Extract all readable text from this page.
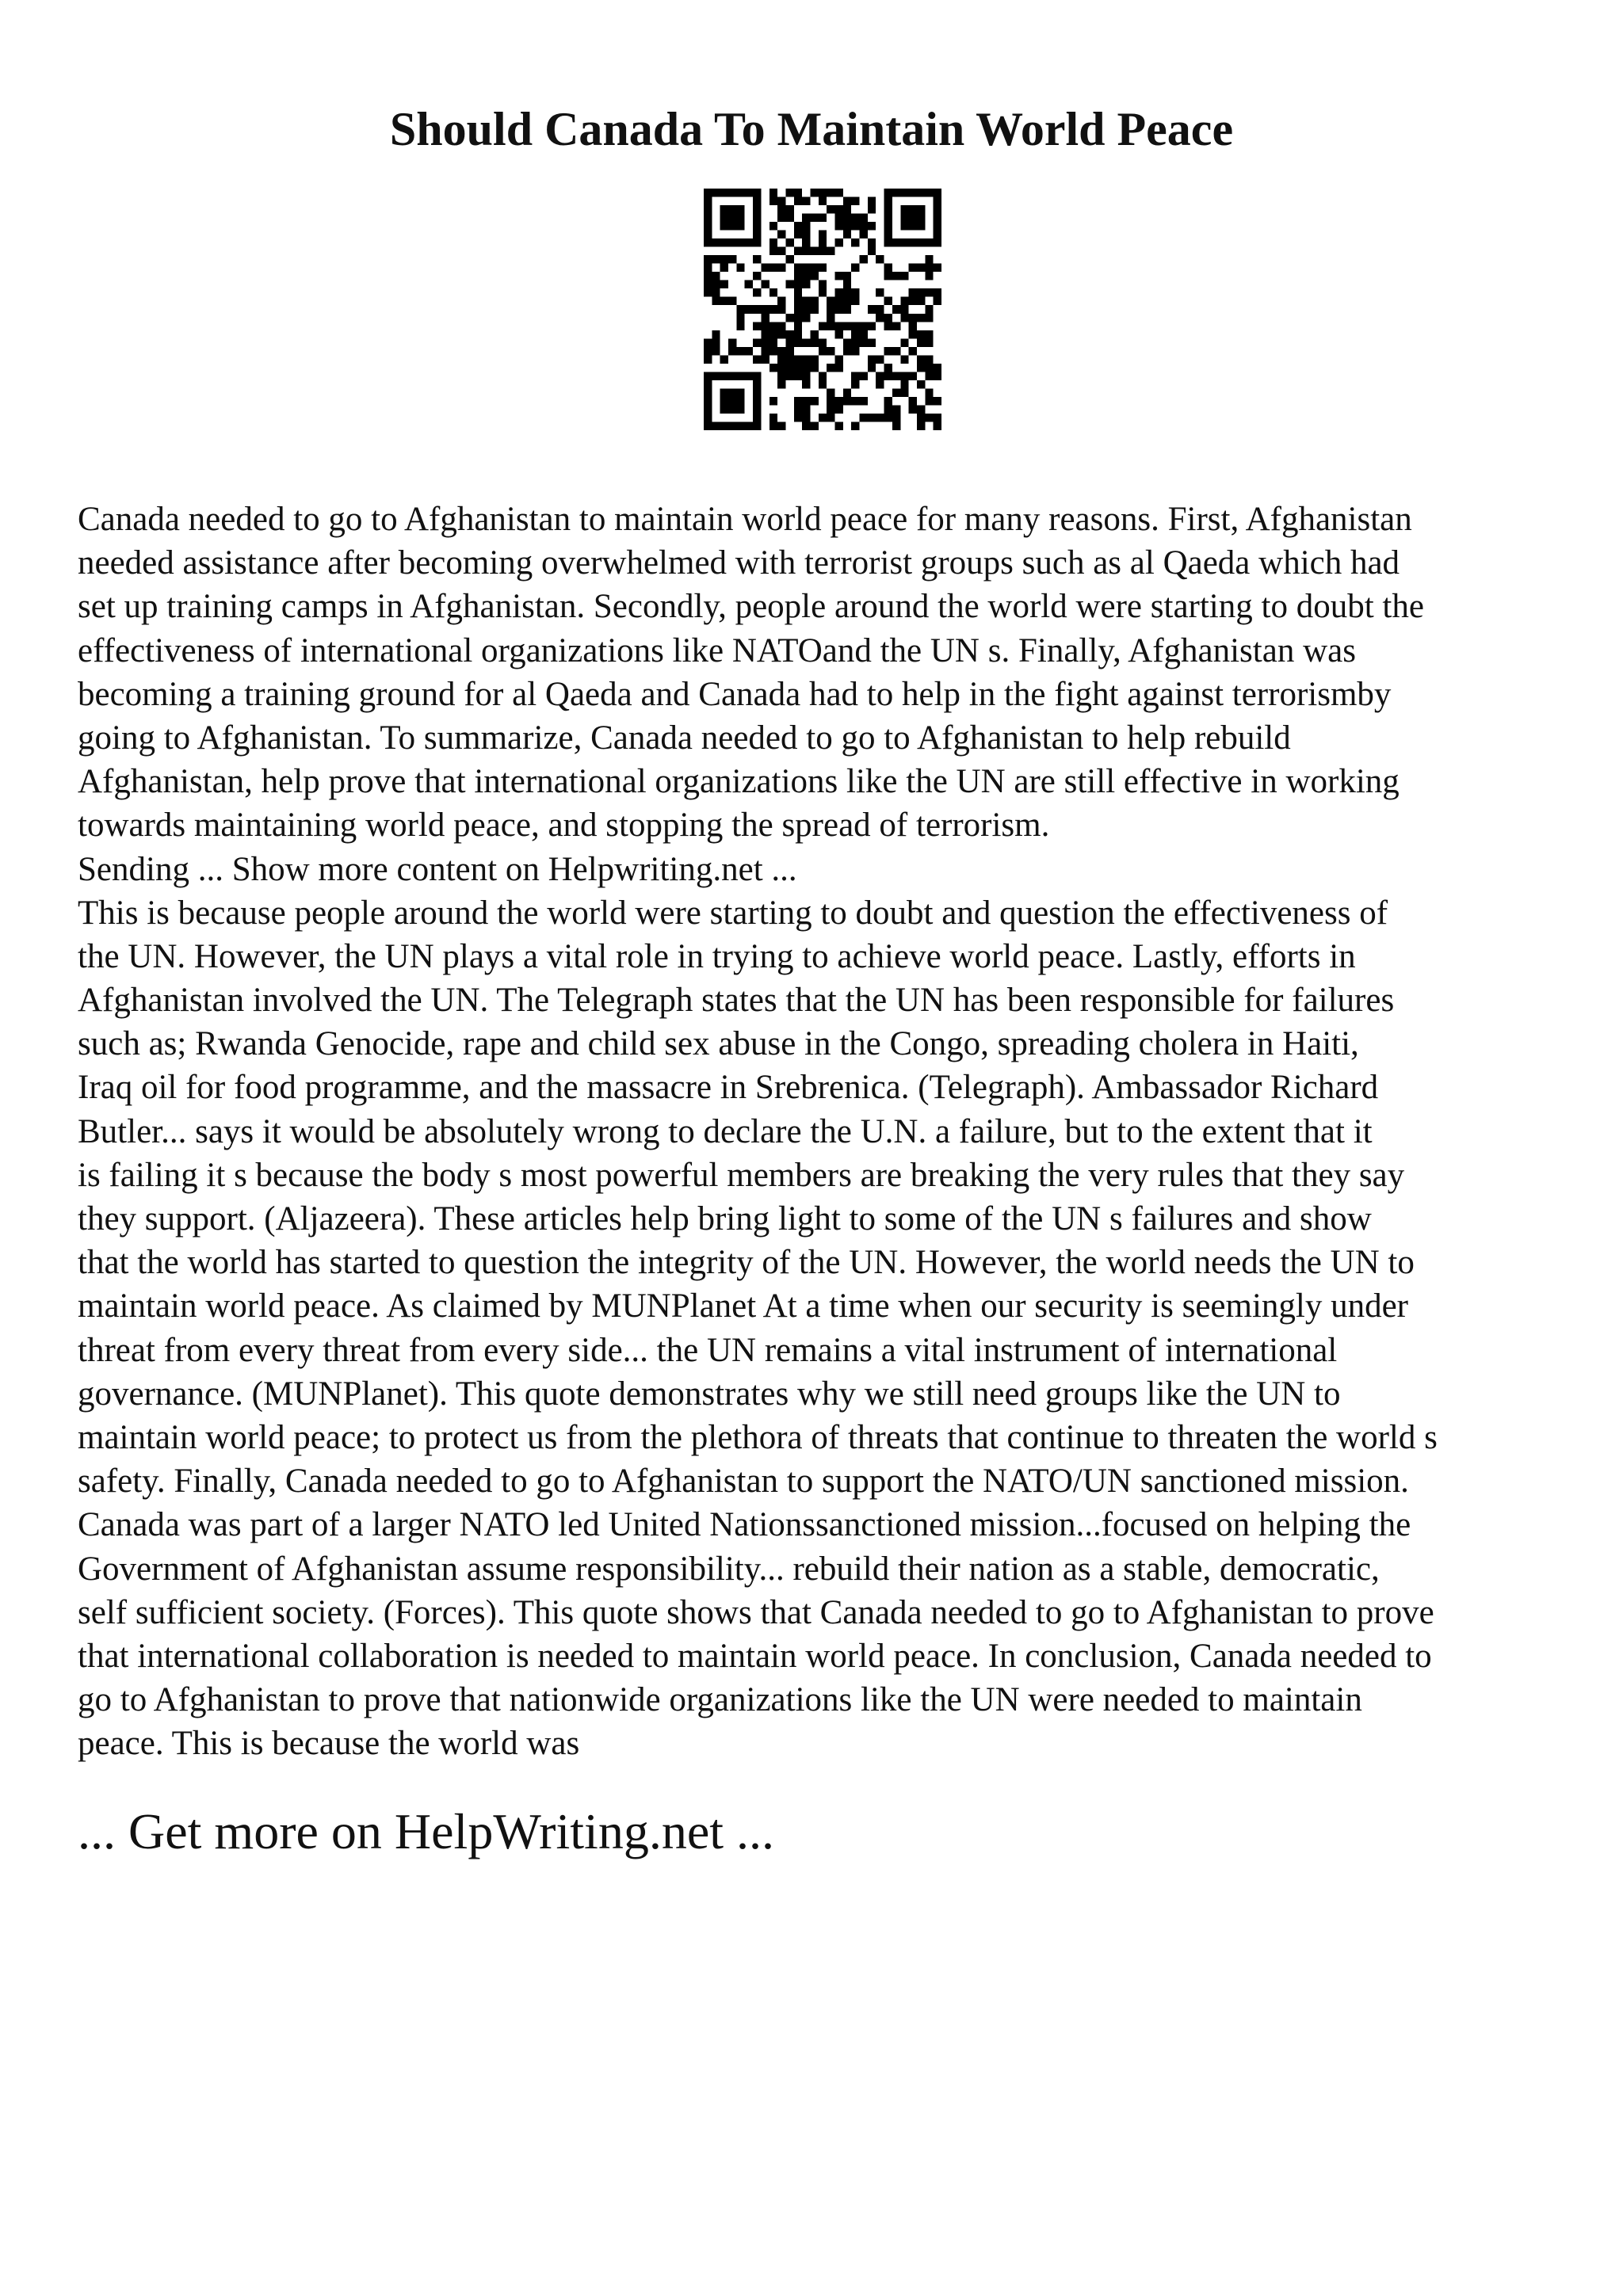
Should Canada To Maintain World Peace
Canada needed to go to Afghanistan to maintain world peace for many reasons. First, Afghanistan
needed assistance after becoming overwhelmed with terrorist groups such as al Qaeda which had
set up training camps in Afghanistan. Secondly, people around the world were starting to doubt the
effectiveness of international organizations like NATOand the UN s. Finally, Afghanistan was
becoming a training ground for al Qaeda and Canada had to help in the fight against terrorismby
going to Afghanistan. To summarize, Canada needed to go to Afghanistan to help rebuild
Afghanistan, help prove that international organizations like the UN are still effective in working
towards maintaining world peace, and stopping the spread of terrorism.
Sending ... Show more content on Helpwriting.net ...
This is because people around the world were starting to doubt and question the effectiveness of
the UN. However, the UN plays a vital role in trying to achieve world peace. Lastly, efforts in
Afghanistan involved the UN. The Telegraph states that the UN has been responsible for failures
such as; Rwanda Genocide, rape and child sex abuse in the Congo, spreading cholera in Haiti,
Iraq oil for food programme, and the massacre in Srebrenica. (Telegraph). Ambassador Richard
Butler... says it would be absolutely wrong to declare the U.N. a failure, but to the extent that it
is failing it s because the body s most powerful members are breaking the very rules that they say
they support. (Aljazeera). These articles help bring light to some of the UN s failures and show
that the world has started to question the integrity of the UN. However, the world needs the UN to
maintain world peace. As claimed by MUNPlanet At a time when our security is seemingly under
threat from every threat from every side... the UN remains a vital instrument of international
governance. (MUNPlanet). This quote demonstrates why we still need groups like the UN to
maintain world peace; to protect us from the plethora of threats that continue to threaten the world s
safety. Finally, Canada needed to go to Afghanistan to support the NATO/UN sanctioned mission.
Canada was part of a larger NATO led United Nationssanctioned mission...focused on helping the
Government of Afghanistan assume responsibility... rebuild their nation as a stable, democratic,
self sufficient society. (Forces). This quote shows that Canada needed to go to Afghanistan to prove
that international collaboration is needed to maintain world peace. In conclusion, Canada needed to
go to Afghanistan to prove that nationwide organizations like the UN were needed to maintain
peace. This is because the world was

... Get more on HelpWriting.net ...
